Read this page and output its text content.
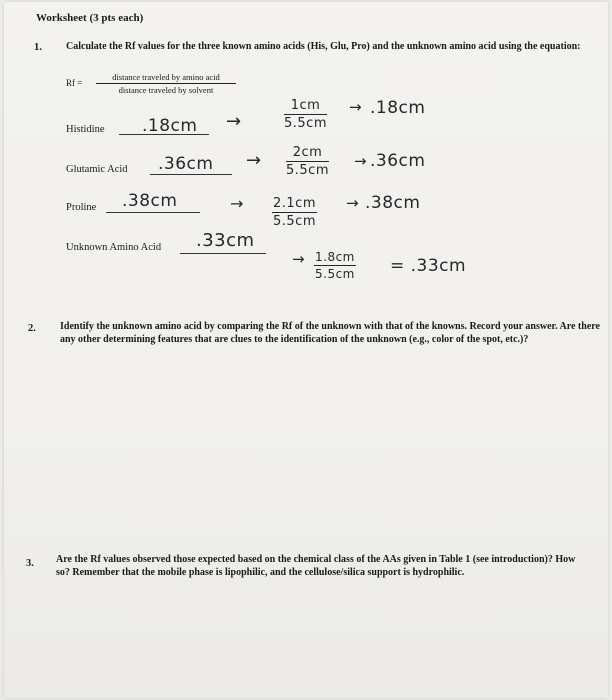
Worksheet (3 pts each)
1. Calculate the Rf values for the three known amino acids (His, Glu, Pro) and the unknown amino acid using the equation:
Rf =
distance traveled by amino acid
distance traveled by solvent
Histidine .18cm →	$\frac{1cm}{5.5cm} \to .18cm$
Glutamic Acid $.36cm \to \frac{2cm}{5.5cm} \to .36cm$
Proline .38cm	→ $\frac{2.1cm}{5.5cm} \to .38cm$
Unknown Amino Acid .33cm
→ $\frac{1.8cm}{5.5cm} = .33cm$
2. Identify the unknown amino acid by comparing the Rf of the unknown with that of the knowns. Record your answer. Are there any other determining features that are clues to the identification of the unknown (e.g., color of the spot, etc.)?
3. Are the Rf values observed those expected based on the chemical class of the AAs given in Table 1 (see introduction)? How so? Remember that the mobile phase is lipophilic, and the cellulose/silica support is hydrophilic.
